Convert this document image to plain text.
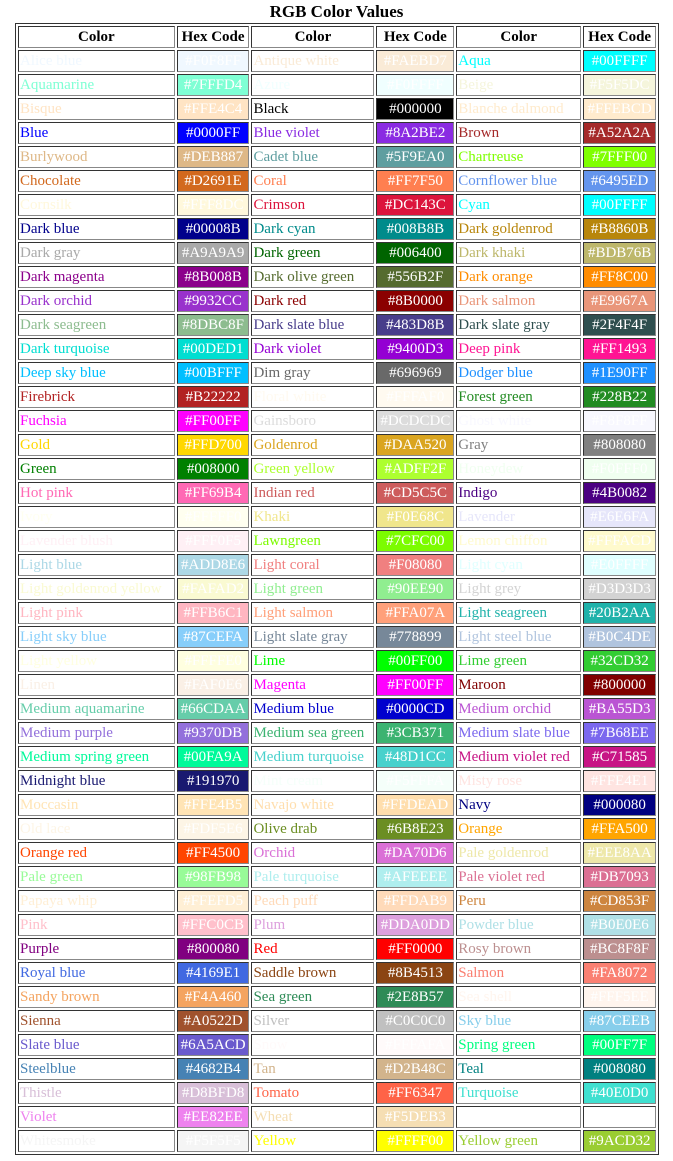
RGB Color Values
Color	Hex Code	Color	Hex Code	Color	Hex Code
Alice blue	#F0F8FF	Antique white	#FAEBD7	Aqua	#00FFFF
Aquamarine	#7FFFD4	Azure	#F0FFFF	Beige	#F5F5DC
Bisque	#FFE4C4	Black	#000000	Blanche dalmond	#FFEBCD
Blue	#0000FF	Blue violet	#8A2BE2	Brown	#A52A2A
Burlywood	#DEB887	Cadet blue	#5F9EA0	Chartreuse	#7FFF00
Chocolate	#D2691E	Coral	#FF7F50	Cornflower blue	#6495ED
Cornsilk	#FFF8DC	Crimson	#DC143C	Cyan	#00FFFF
Dark blue	#00008B	Dark cyan	#008B8B	Dark goldenrod	#B8860B
Dark gray	#A9A9A9	Dark green	#006400	Dark khaki	#BDB76B
Dark magenta	#8B008B	Dark olive green	#556B2F	Dark orange	#FF8C00
Dark orchid	#9932CC	Dark red	#8B0000	Dark salmon	#E9967A
Dark seagreen	#8DBC8F	Dark slate blue	#483D8B	Dark slate gray	#2F4F4F
Dark turquoise	#00DED1	Dark violet	#9400D3	Deep pink	#FF1493
Deep sky blue	#00BFFF	Dim gray	#696969	Dodger blue	#1E90FF
Firebrick	#B22222	Floral white	#FFFAF0	Forest green	#228B22
Fuchsia	#FF00FF	Gainsboro	#DCDCDC	Ghost white	#F8F8FF
Gold	#FFD700	Goldenrod	#DAA520	Gray	#808080
Green	#008000	Green yellow	#ADFF2F	Honeydew	#F0FFF0
Hot pink	#FF69B4	Indian red	#CD5C5C	Indigo	#4B0082
Ivory	#FFFFF0	Khaki	#F0E68C	Lavender	#E6E6FA
Lavender blush	#FFF0F5	Lawngreen	#7CFC00	Lemon chiffon	#FFFACD
Light blue	#ADD8E6	Light coral	#F08080	Light cyan	#E0FFFF
Light goldenrod yellow	#FAFAD2	Light green	#90EE90	Light grey	#D3D3D3
Light pink	#FFB6C1	Light salmon	#FFA07A	Light seagreen	#20B2AA
Light sky blue	#87CEFA	Light slate gray	#778899	Light steel blue	#B0C4DE
Light yellow	#FFFFE0	Lime	#00FF00	Lime green	#32CD32
Linen	#FAF0E6	Magenta	#FF00FF	Maroon	#800000
Medium aquamarine	#66CDAA	Medium blue	#0000CD	Medium orchid	#BA55D3
Medium purple	#9370DB	Medium sea green	#3CB371	Medium slate blue	#7B68EE
Medium spring green	#00FA9A	Medium turquoise	#48D1CC	Medium violet red	#C71585
Midnight blue	#191970	Mint cream	#F5FFFA	Misty rose	#FFE4E1
Moccasin	#FFE4B5	Navajo white	#FFDEAD	Navy	#000080
Old lace	#FDF5E6	Olive drab	#6B8E23	Orange	#FFA500
Orange red	#FF4500	Orchid	#DA70D6	Pale goldenrod	#EEE8AA
Pale green	#98FB98	Pale turquoise	#AFEEEE	Pale violet red	#DB7093
Papaya whip	#FFEFD5	Peach puff	#FFDAB9	Peru	#CD853F
Pink	#FFC0CB	Plum	#DDA0DD	Powder blue	#B0E0E6
Purple	#800080	Red	#FF0000	Rosy brown	#BC8F8F
Royal blue	#4169E1	Saddle brown	#8B4513	Salmon	#FA8072
Sandy brown	#F4A460	Sea green	#2E8B57	Sea shell	#FFF5EE
Sienna	#A0522D	Silver	#C0C0C0	Sky blue	#87CEEB
Slate blue	#6A5ACD	Snow	#FFFAFA	Spring green	#00FF7F
Steelblue	#4682B4	Tan	#D2B48C	Teal	#008080
Thistle	#D8BFD8	Tomato	#FF6347	Turquoise	#40E0D0
Violet	#EE82EE	Wheat	#F5DEB3		
Whitesmoke	#F5F5F5	Yellow	#FFFF00	Yellow green	#9ACD32
